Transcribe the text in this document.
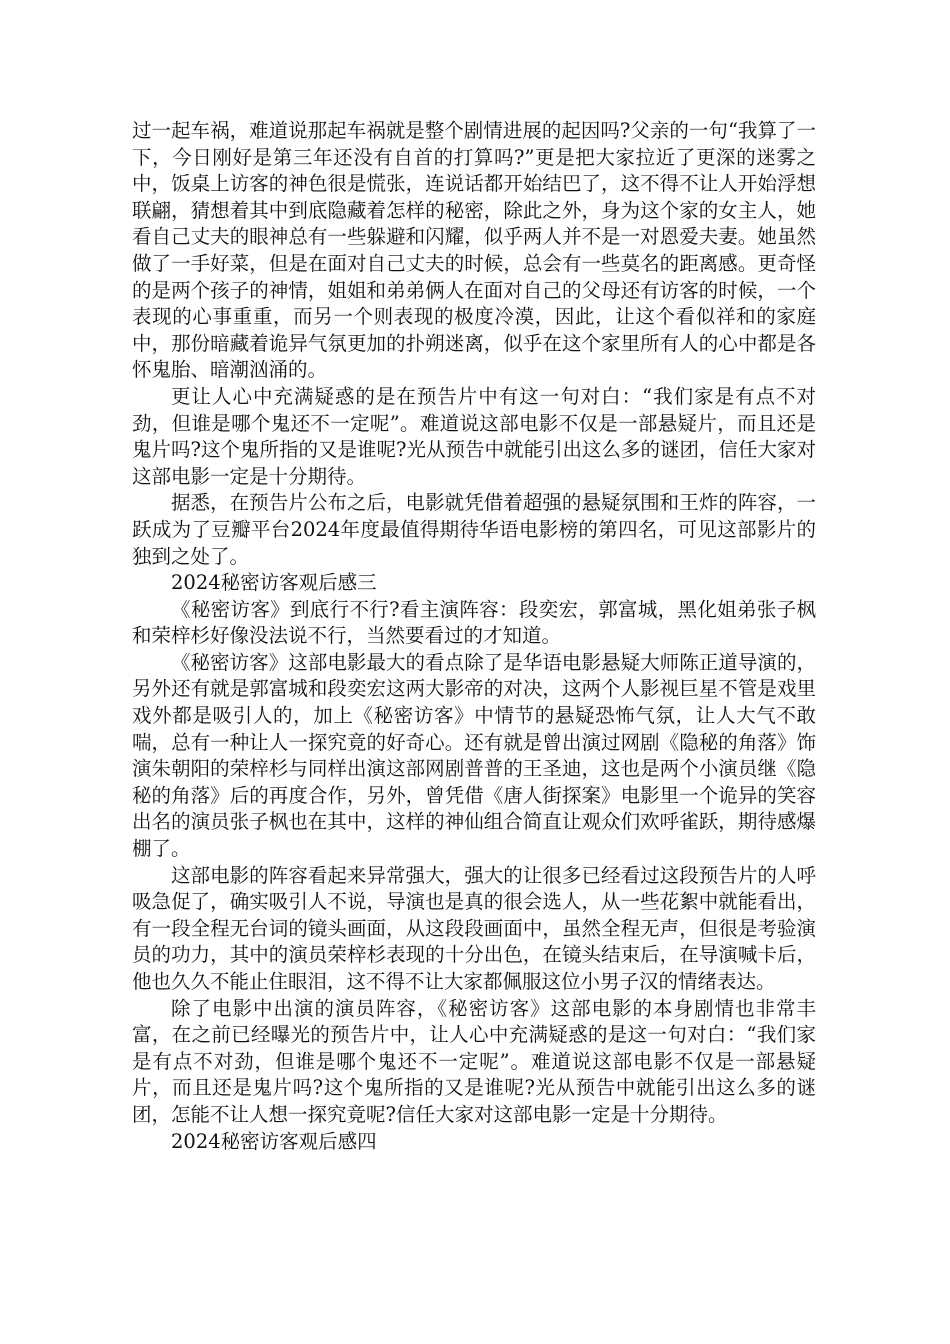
过一起车祸，难道说那起车祸就是整个剧情进展的起因吗?父亲的一句“我算了一下，今日刚好是第三年还没有自首的打算吗?”更是把大家拉近了更深的迷雾之中，饭桌上访客的神色很是慌张，连说话都开始结巴了，这不得不让人开始浮想联翩，猜想着其中到底隐藏着怎样的秘密，除此之外，身为这个家的女主人，她看自己丈夫的眼神总有一些躲避和闪耀，似乎两人并不是一对恩爱夫妻。她虽然做了一手好菜，但是在面对自己丈夫的时候，总会有一些莫名的距离感。更奇怪的是两个孩子的神情，姐姐和弟弟俩人在面对自己的父母还有访客的时候，一个表现的心事重重，而另一个则表现的极度冷漠，因此，让这个看似祥和的家庭中，那份暗藏着诡异气氛更加的扑朔迷离，似乎在这个家里所有人的心中都是各怀鬼胎、暗潮汹涌的。

更让人心中充满疑惑的是在预告片中有这一句对白：“我们家是有点不对劲，但谁是哪个鬼还不一定呢”。难道说这部电影不仅是一部悬疑片，而且还是鬼片吗?这个鬼所指的又是谁呢?光从预告中就能引出这么多的谜团，信任大家对这部电影一定是十分期待。

据悉，在预告片公布之后，电影就凭借着超强的悬疑氛围和王炸的阵容，一跃成为了豆瓣平台2024年度最值得期待华语电影榜的第四名，可见这部影片的独到之处了。

2024秘密访客观后感三

《秘密访客》到底行不行?看主演阵容：段奕宏，郭富城，黑化姐弟张子枫和荣梓杉好像没法说不行，当然要看过的才知道。

《秘密访客》这部电影最大的看点除了是华语电影悬疑大师陈正道导演的，另外还有就是郭富城和段奕宏这两大影帝的对决，这两个人影视巨星不管是戏里戏外都是吸引人的，加上《秘密访客》中情节的悬疑恐怖气氛，让人大气不敢喘，总有一种让人一探究竟的好奇心。还有就是曾出演过网剧《隐秘的角落》饰演朱朝阳的荣梓杉与同样出演这部网剧普普的王圣迪，这也是两个小演员继《隐秘的角落》后的再度合作，另外，曾凭借《唐人街探案》电影里一个诡异的笑容出名的演员张子枫也在其中，这样的神仙组合简直让观众们欢呼雀跃，期待感爆棚了。

这部电影的阵容看起来异常强大，强大的让很多已经看过这段预告片的人呼吸急促了，确实吸引人不说，导演也是真的很会选人，从一些花絮中就能看出，有一段全程无台词的镜头画面，从这段段画面中，虽然全程无声，但很是考验演员的功力，其中的演员荣梓杉表现的十分出色，在镜头结束后，在导演喊卡后，他也久久不能止住眼泪，这不得不让大家都佩服这位小男子汉的情绪表达。

除了电影中出演的演员阵容，《秘密访客》这部电影的本身剧情也非常丰富，在之前已经曝光的预告片中，让人心中充满疑惑的是这一句对白：“我们家是有点不对劲，但谁是哪个鬼还不一定呢”。难道说这部电影不仅是一部悬疑片，而且还是鬼片吗?这个鬼所指的又是谁呢?光从预告中就能引出这么多的谜团，怎能不让人想一探究竟呢?信任大家对这部电影一定是十分期待。

2024秘密访客观后感四
